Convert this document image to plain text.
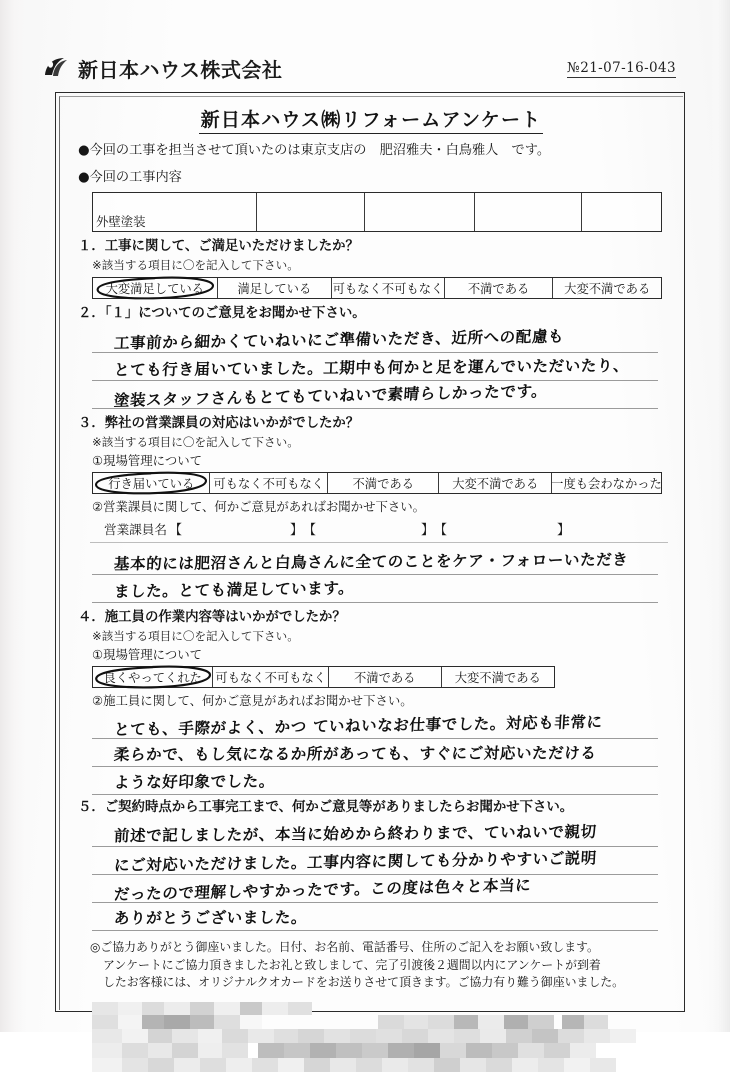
新日本ハウス株式会社	№21-07-16-043
新日本ハウス㈱リフォームアンケート
●今回の工事を担当させて頂いたのは東京支店の　肥沼雅夫・白鳥雅人　です。
●今回の工事内容
外壁塗装
１．工事に関して、ご満足いただけましたか？
※該当する項目に〇を記入して下さい。
大変満足している	満足している 可もなく不可もなく 不満である	大変不満である
２．「１」についてのご意見をお聞かせ下さい。
工事前から細かくていねいにご準備いただき、近所への配慮も
とても行き届いていました。工期中も何かと足を運んでいただいたり、
塗装スタッフさんもとてもていねいで素晴らしかったです。
３．弊社の営業課員の対応はいかがでしたか？
※該当する項目に〇を記入して下さい。
①現場管理について
行き届いている 可もなく不可もなく 不満である	大変不満である 一度も会わなかった
②営業課員に関して、何かご意見があればお聞かせ下さい。
営業課員名 【	】 【	】 【	】
基本的には肥沼さんと白鳥さんに全てのことをケア・フォローいただき
ました。とても満足しています。
４．施工員の作業内容等はいかがでしたか？
※該当する項目に〇を記入して下さい。
①現場管理について
良くやってくれた 可もなく不可もなく 不満である	大変不満である
②施工員に関して、何かご意見があればお聞かせ下さい。
とても、手際がよく、かつ ていねいなお仕事でした。対応も非常に
柔らかで、もし気になるか所があっても、すぐにご対応いただける
ような好印象でした。
５．ご契約時点から工事完工まで、何かご意見等がありましたらお聞かせ下さい。
前述で記しましたが、本当に始めから終わりまで、ていねいで親切
にご対応いただけました。工事内容に関しても分かりやすいご説明
だったので理解しやすかったです。この度は色々と本当に
ありがとうございました。
◎ご協力ありがとう御座いました。日付、お名前、電話番号、住所のご記入をお願い致します。
アンケートにご協力頂きましたお礼と致しまして、完了引渡後２週間以内にアンケートが到着
したお客様には、オリジナルクオカードをお送りさせて頂きます。ご協力有り難う御座いました。
